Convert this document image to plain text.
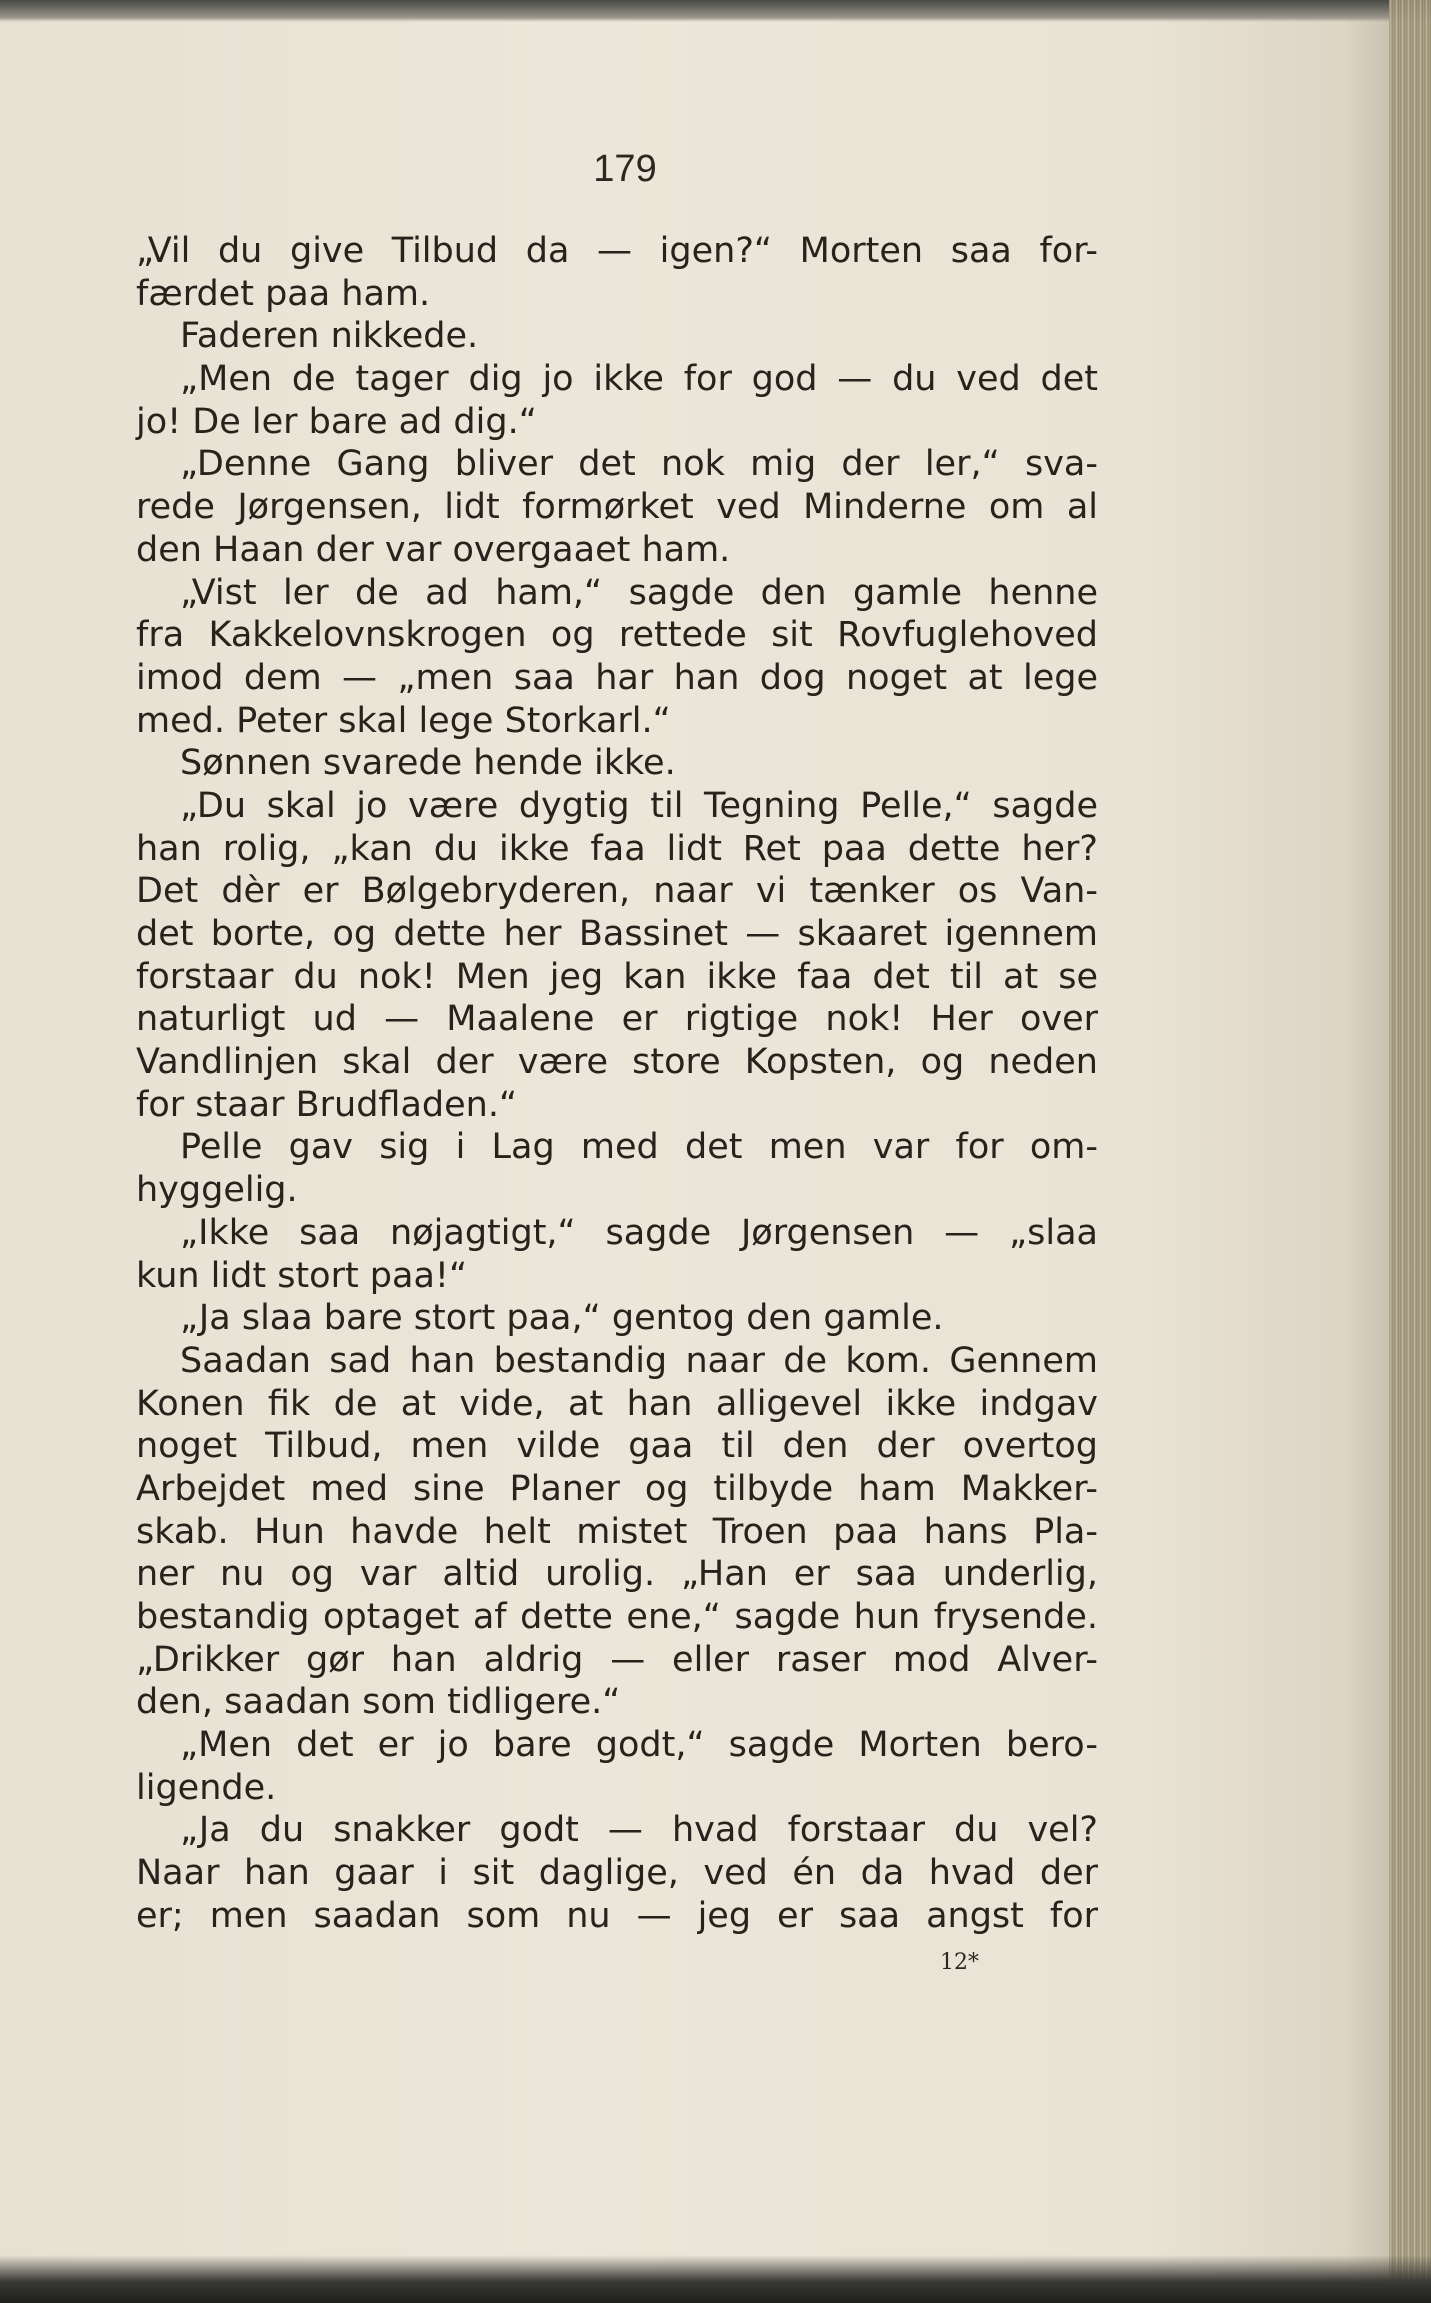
179
„Vil du give Tilbud da — igen?“ Morten saa for-
færdet paa ham.
Faderen nikkede.
„Men de tager dig jo ikke for god — du ved det
jo! De ler bare ad dig.“
„Denne Gang bliver det nok mig der ler,“ sva-
rede Jørgensen, lidt formørket ved Minderne om al
den Haan der var overgaaet ham.
„Vist ler de ad ham,“ sagde den gamle henne
fra Kakkelovnskrogen og rettede sit Rovfuglehoved
imod dem — „men saa har han dog noget at lege
med. Peter skal lege Storkarl.“
Sønnen svarede hende ikke.
„Du skal jo være dygtig til Tegning Pelle,“ sagde
han rolig, „kan du ikke faa lidt Ret paa dette her?
Det dèr er Bølgebryderen, naar vi tænker os Van-
det borte, og dette her Bassinet — skaaret igennem
forstaar du nok! Men jeg kan ikke faa det til at se
naturligt ud — Maalene er rigtige nok! Her over
Vandlinjen skal der være store Kopsten, og neden
for staar Brudfladen.“
Pelle gav sig i Lag med det men var for om-
hyggelig.
„Ikke saa nøjagtigt,“ sagde Jørgensen — „slaa
kun lidt stort paa!“
„Ja slaa bare stort paa,“ gentog den gamle.
Saadan sad han bestandig naar de kom. Gennem
Konen fik de at vide, at han alligevel ikke indgav
noget Tilbud, men vilde gaa til den der overtog
Arbejdet med sine Planer og tilbyde ham Makker-
skab. Hun havde helt mistet Troen paa hans Pla-
ner nu og var altid urolig. „Han er saa underlig,
bestandig optaget af dette ene,“ sagde hun frysende.
„Drikker gør han aldrig — eller raser mod Alver-
den, saadan som tidligere.“
„Men det er jo bare godt,“ sagde Morten bero-
ligende.
„Ja du snakker godt — hvad forstaar du vel?
Naar han gaar i sit daglige, ved én da hvad der
er; men saadan som nu — jeg er saa angst for
12*
